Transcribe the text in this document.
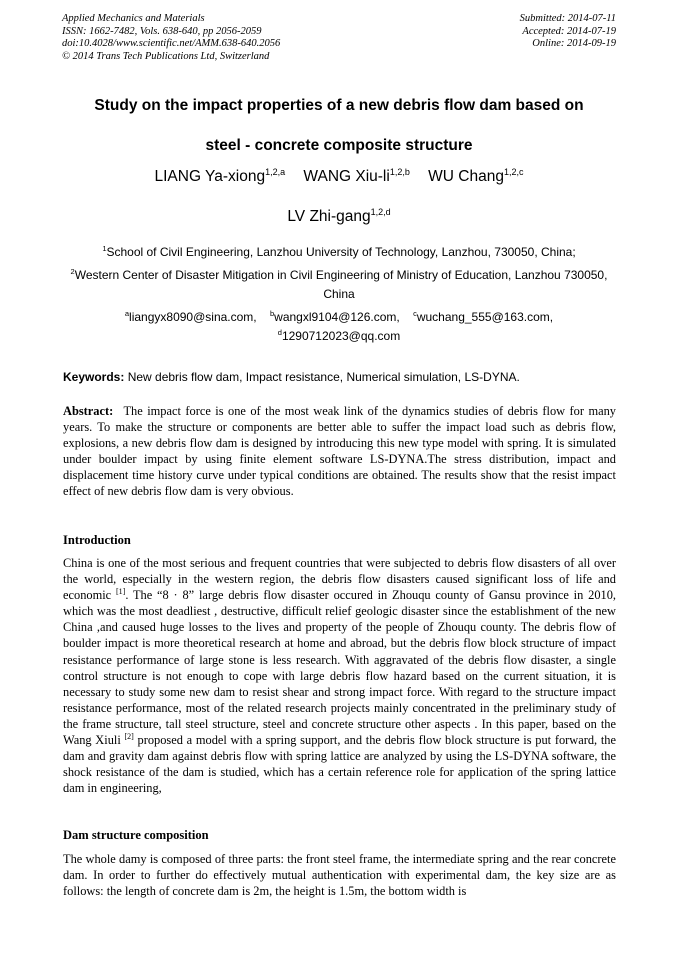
Applied Mechanics and Materials
ISSN: 1662-7482, Vols. 638-640, pp 2056-2059
doi:10.4028/www.scientific.net/AMM.638-640.2056
© 2014 Trans Tech Publications Ltd, Switzerland
Submitted: 2014-07-11
Accepted: 2014-07-19
Online: 2014-09-19
Study on the impact properties of a new debris flow dam based on
steel - concrete composite structure
LIANG Ya-xiong$^{1,2,a}$ WANG Xiu-li$^{1,2,b}$ WU Chang$^{1,2,c}$
LV Zhi-gang$^{1,2,d}$
$^1$School of Civil Engineering, Lanzhou University of Technology, Lanzhou, 730050, China;
$^2$Western Center of Disaster Mitigation in Civil Engineering of Ministry of Education, Lanzhou 730050, China
$^a$liangyx8090@sina.com, $^b$wangxl9104@126.com, $^c$wuchang_555@163.com,
$^d$1290712023@qq.com
Keywords: New debris flow dam, Impact resistance, Numerical simulation, LS-DYNA.
Abstract: The impact force is one of the most weak link of the dynamics studies of debris flow for many years. To make the structure or components are better able to suffer the impact load such as debris flow, explosions, a new debris flow dam is designed by introducing this new type model with spring. It is simulated under boulder impact by using finite element software LS-DYNA.The stress distribution, impact and displacement time history curve under typical conditions are obtained. The results show that the resist impact effect of new debris flow dam is very obvious.
Introduction
China is one of the most serious and frequent countries that were subjected to debris flow disasters of all over the world, especially in the western region, the debris flow disasters caused significant loss of life and economic [1]. The “8 · 8” large debris flow disaster occured in Zhouqu county of Gansu province in 2010, which was the most deadliest , destructive, difficult relief geologic disaster since the establishment of the new China ,and caused huge losses to the lives and property of the people of Zhouqu county. The debris flow of boulder impact is more theoretical research at home and abroad, but the debris flow block structure of impact resistance performance of large stone is less research. With aggravated of the debris flow disaster, a single control structure is not enough to cope with large debris flow hazard based on the current situation, it is necessary to study some new dam to resist shear and strong impact force. With regard to the structure impact resistance performance, most of the related research projects mainly concentrated in the preliminary study of the frame structure, tall steel structure, steel and concrete structure other aspects . In this paper, based on the Wang Xiuli [2] proposed a model with a spring support, and the debris flow block structure is put forward, the dam and gravity dam against debris flow with spring lattice are analyzed by using the LS-DYNA software, the shock resistance of the dam is studied, which has a certain reference role for application of the spring lattice dam in engineering,
Dam structure composition
The whole damy is composed of three parts: the front steel frame, the intermediate spring and the rear concrete dam. In order to further do effectively mutual authentication with experimental dam, the key size are as follows: the length of concrete dam is 2m, the height is 1.5m, the bottom width is
